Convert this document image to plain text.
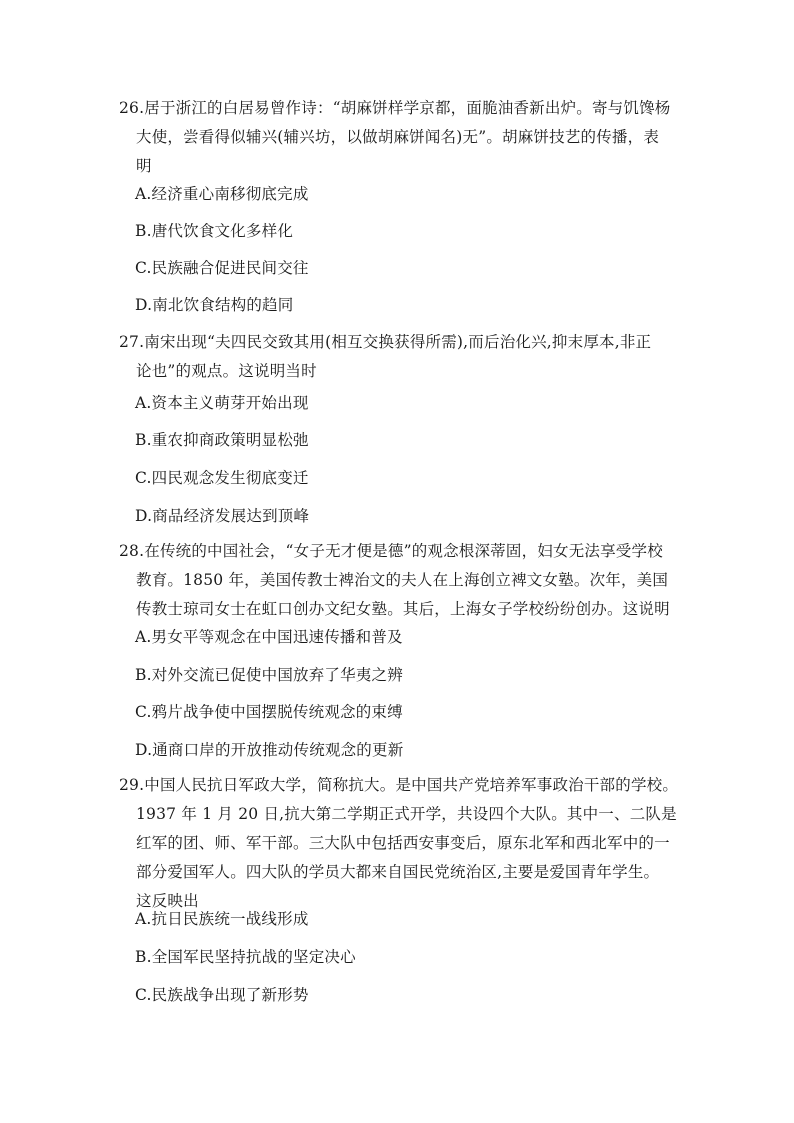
26.居于浙江的白居易曾作诗：“胡麻饼样学京都，面脆油香新出炉。寄与饥馋杨
大使，尝看得似辅兴(辅兴坊，以做胡麻饼闻名)无”。胡麻饼技艺的传播，表
明
A.经济重心南移彻底完成
B.唐代饮食文化多样化
C.民族融合促进民间交往
D.南北饮食结构的趋同
27.南宋出现“夫四民交致其用(相互交换获得所需),而后治化兴,抑末厚本,非正
论也”的观点。这说明当时
A.资本主义萌芽开始出现
B.重农抑商政策明显松弛
C.四民观念发生彻底变迁
D.商品经济发展达到顶峰
28.在传统的中国社会，“女子无才便是德”的观念根深蒂固，妇女无法享受学校
教育。1850 年，美国传教士裨治文的夫人在上海创立裨文女塾。次年，美国
传教士琼司女士在虹口创办文纪女塾。其后，上海女子学校纷纷创办。这说明
A.男女平等观念在中国迅速传播和普及
B.对外交流已促使中国放弃了华夷之辨
C.鸦片战争使中国摆脱传统观念的束缚
D.通商口岸的开放推动传统观念的更新
29.中国人民抗日军政大学，简称抗大。是中国共产党培养军事政治干部的学校。
1937 年 1 月 20 日,抗大第二学期正式开学，共设四个大队。其中一、二队是
红军的团、师、军干部。三大队中包括西安事变后，原东北军和西北军中的一
部分爱国军人。四大队的学员大都来自国民党统治区,主要是爱国青年学生。
这反映出
A.抗日民族统一战线形成
B.全国军民坚持抗战的坚定决心
C.民族战争出现了新形势
